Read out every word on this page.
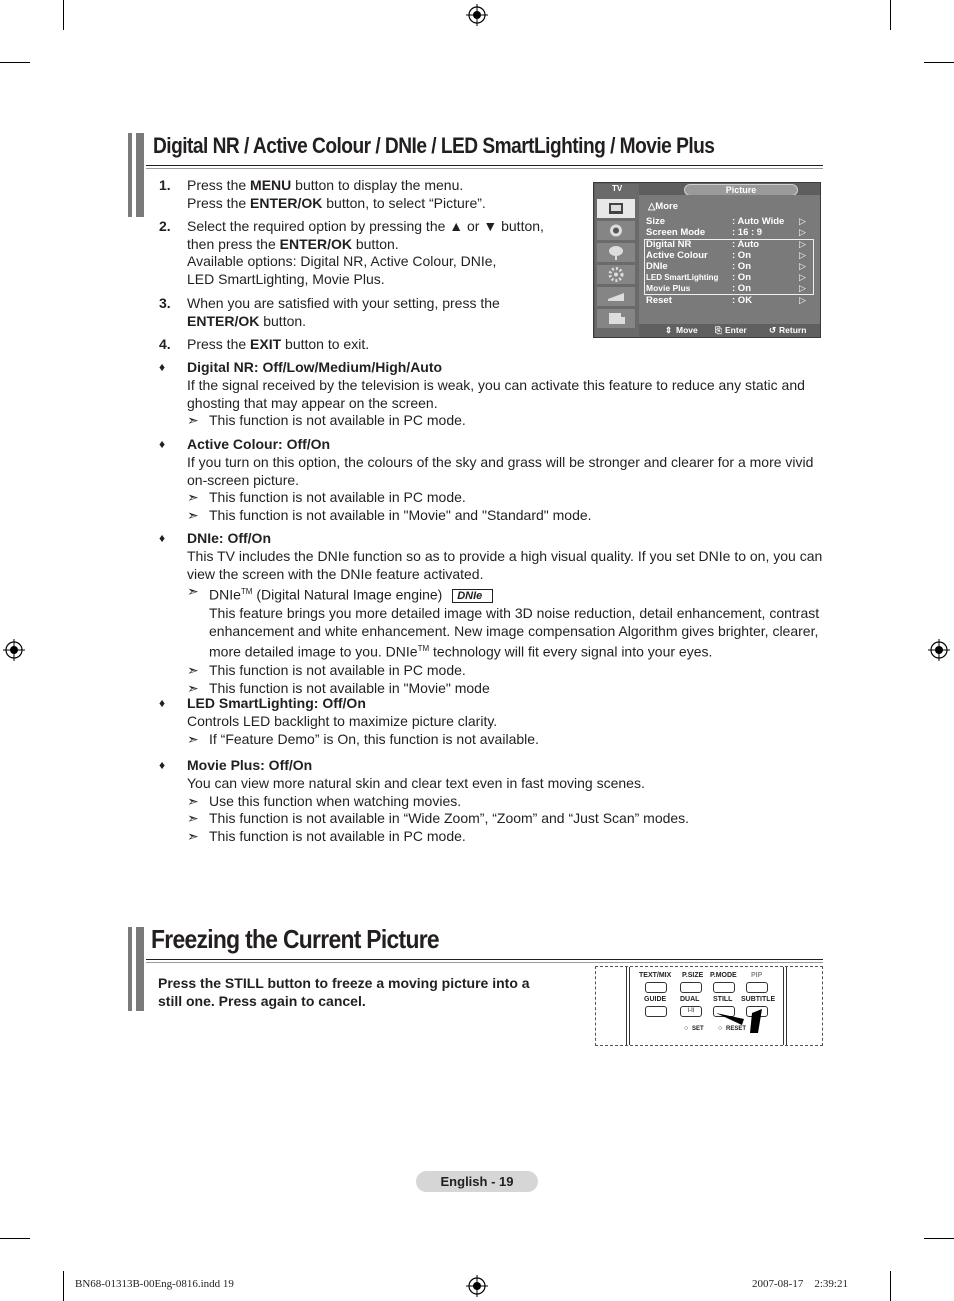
Digital NR / Active Colour / DNIe / LED SmartLighting / Movie Plus
1. Press the MENU button to display the menu.
Press the ENTER/OK button, to select “Picture”.
2. Select the required option by pressing the ▲ or ▼ button,
then press the ENTER/OK button.
Available options: Digital NR, Active Colour, DNIe,
LED SmartLighting, Movie Plus.
3. When you are satisfied with your setting, press the
ENTER/OK button.
4. Press the EXIT button to exit.
♦ Digital NR: Off/Low/Medium/High/Auto
If the signal received by the television is weak, you can activate this feature to reduce any static and ghosting that may appear on the screen.
➣ This function is not available in PC mode.
♦ Active Colour: Off/On
If you turn on this option, the colours of the sky and grass will be stronger and clearer for a more vivid on-screen picture.
➣ This function is not available in PC mode.
➣ This function is not available in "Movie" and "Standard" mode.
♦ DNIe: Off/On
This TV includes the DNIe function so as to provide a high visual quality. If you set DNIe to on, you can view the screen with the DNIe feature activated.
➣ DNIe™ (Digital Natural Image engine) DNIe
This feature brings you more detailed image with 3D noise reduction, detail enhancement, contrast enhancement and white enhancement. New image compensation Algorithm gives brighter, clearer, more detailed image to you. DNIe™ technology will fit every signal into your eyes.
➣ This function is not available in PC mode.
➣ This function is not available in "Movie" mode
♦ LED SmartLighting: Off/On
Controls LED backlight to maximize picture clarity.
➣ If “Feature Demo” is On, this function is not available.
♦ Movie Plus: Off/On
You can view more natural skin and clear text even in fast moving scenes.
➣ Use this function when watching movies.
➣ This function is not available in “Wide Zoom”, “Zoom” and “Just Scan” modes.
➣ This function is not available in PC mode.
TV	Picture
△More
Size	: Auto Wide ▷
Screen Mode	: 16 : 9	▷
Digital NR	: Auto	▷
Active Colour	: On	▷
DNIe	: On	▷
LED SmartLighting : On	▷
Movie Plus	: On	▷
Reset	: OK	▷
⇕ Move ⎘ Enter	↺ Return
Freezing the Current Picture
Press the STILL button to freeze a moving picture into a
still one. Press again to cancel.
TEXT/MIX P.SIZE P.MODE PIP
GUIDE DUAL STILL SUBTITLE
I-II
○ SET ○ RESET
English - 19
BN68-01313B-00Eng-0816.indd 19	2007-08-17    2:39:21
